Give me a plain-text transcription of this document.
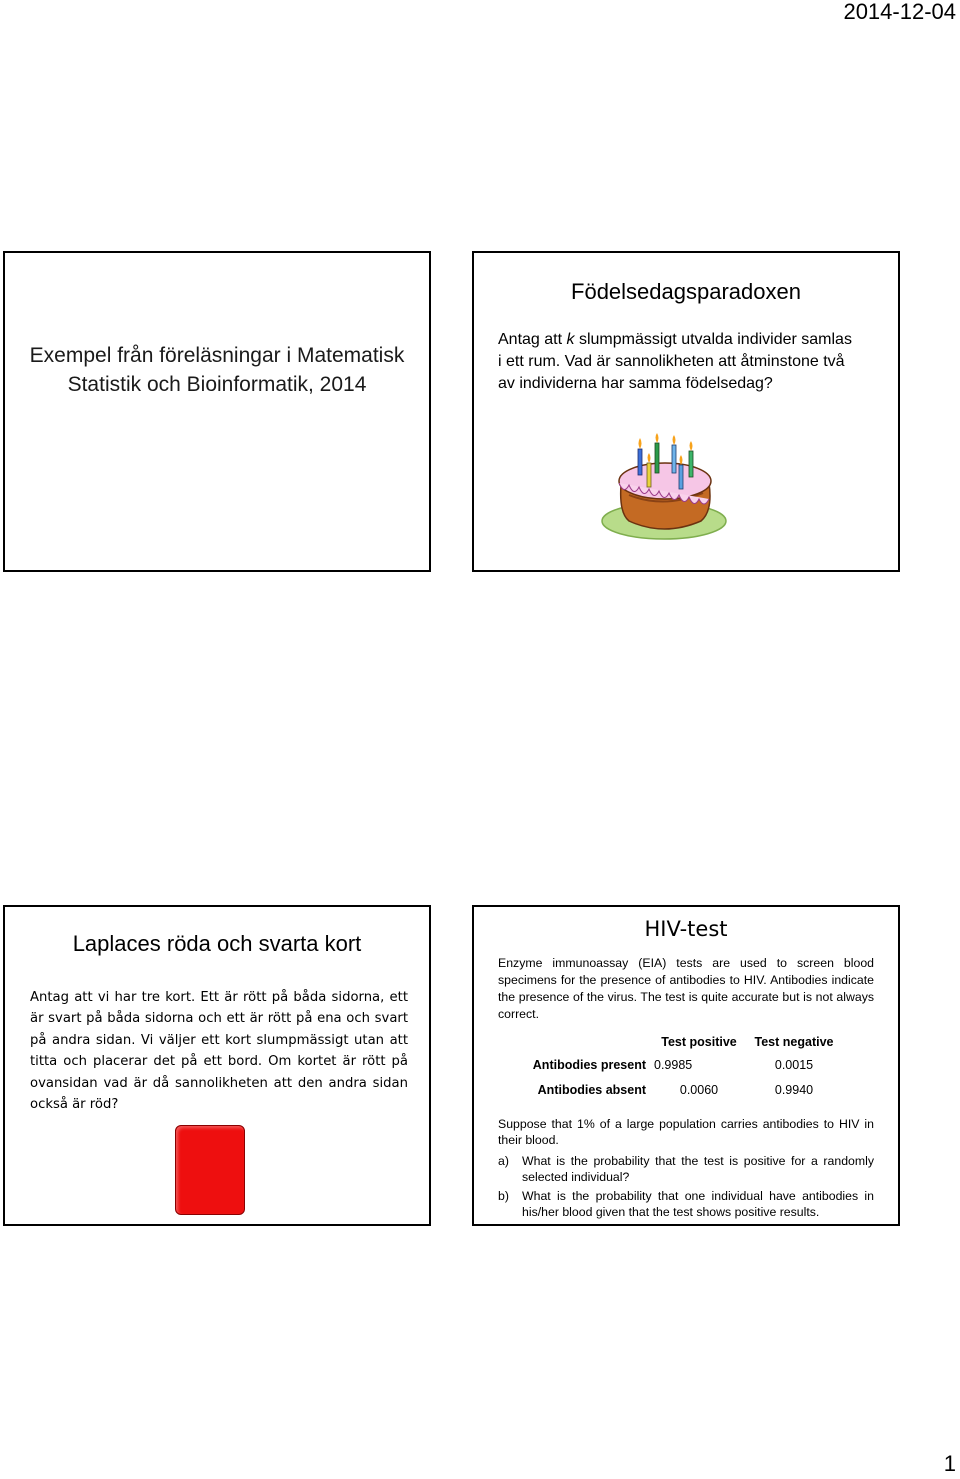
2014-12-04
Exempel från föreläsningar i Matematisk Statistik och Bioinformatik, 2014
Födelsedagsparadoxen
Antag att k slumpmässigt utvalda individer samlas i ett rum. Vad är sannolikheten att åtminstone två av individerna har samma födelsedag?
Laplaces röda och svarta kort
Antag att vi har tre kort. Ett är rött på båda sidorna, ett är svart på båda sidorna och ett är rött på ena och svart på andra sidan. Vi väljer ett kort slumpmässigt utan att titta och placerar det på ett bord. Om kortet är rött på ovansidan vad är då sannolikheten att den andra sidan också är röd?
HIV-test
Enzyme immunoassay (EIA) tests are used to screen blood specimens for the presence of antibodies to HIV. Antibodies indicate the presence of the virus. The test is quite accurate but is not always correct.
	Test positive	Test negative
Antibodies present	0.9985	0.0015
Antibodies absent	0.0060	0.9940
Suppose that 1% of a large population carries antibodies to HIV in their blood.
a) What is the probability that the test is positive for a randomly selected individual?
b) What is the probability that one individual have antibodies in his/her blood given that the test shows positive results.
1
